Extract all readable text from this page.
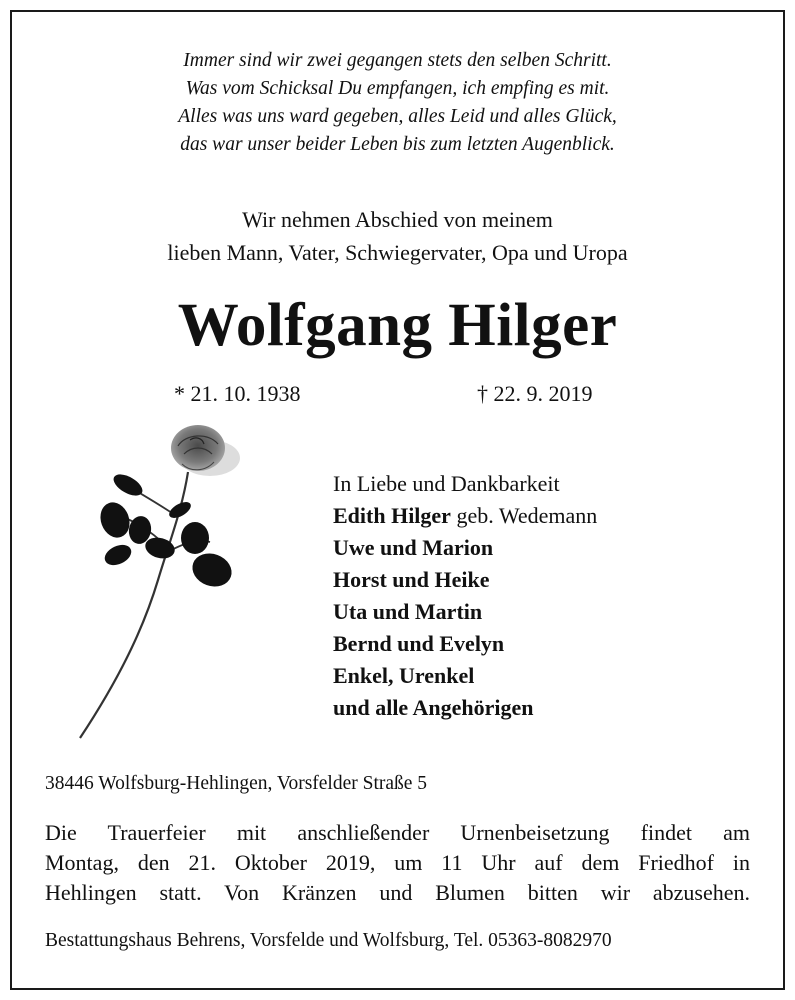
Immer sind wir zwei gegangen stets den selben Schritt.
Was vom Schicksal Du empfangen, ich empfing es mit.
Alles was uns ward gegeben, alles Leid und alles Glück,
das war unser beider Leben bis zum letzten Augenblick.
Wir nehmen Abschied von meinem
lieben Mann, Vater, Schwiegervater, Opa und Uropa
Wolfgang Hilger
* 21. 10. 1938	† 22. 9. 2019
In Liebe und Dankbarkeit
Edith Hilger geb. Wedemann
Uwe und Marion
Horst und Heike
Uta und Martin
Bernd und Evelyn
Enkel, Urenkel
und alle Angehörigen
38446 Wolfsburg-Hehlingen, Vorsfelder Straße 5
Die Trauerfeier mit anschließender Urnenbeisetzung findet am
Montag, den 21. Oktober 2019, um 11 Uhr auf dem Friedhof in
Hehlingen statt. Von Kränzen und Blumen bitten wir abzusehen.
Bestattungshaus Behrens, Vorsfelde und Wolfsburg, Tel. 05363-8082970
